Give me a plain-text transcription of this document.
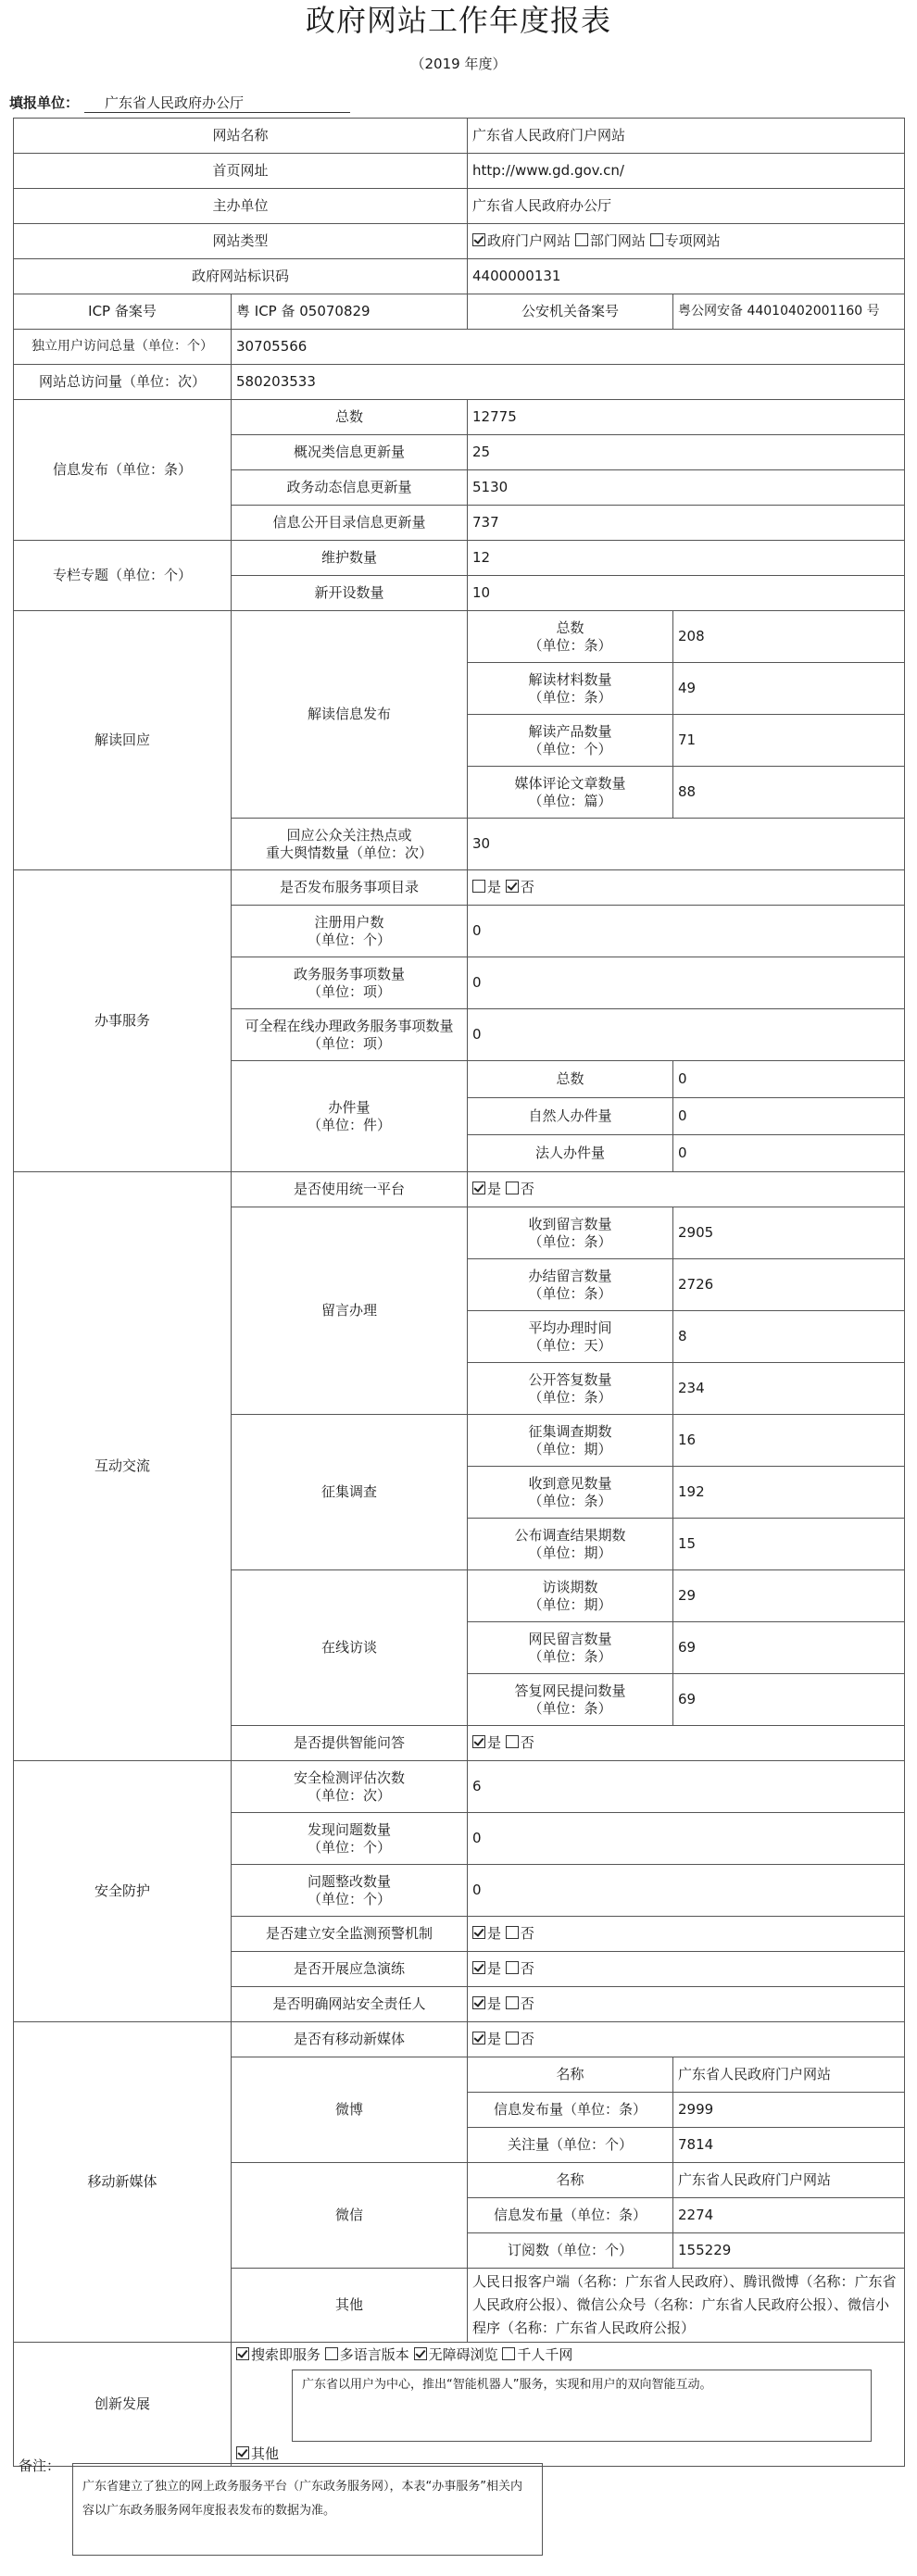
政府网站工作年度报表
（2019 年度）
填报单位： 广东省人民政府办公厅
网站名称		广东省人民政府门户网站	
首页网址		http://www.gd.gov.cn/	
主办单位		广东省人民政府办公厅	
网站类型		政府门户网站 部门网站 专项网站	
政府网站标识码		4400000131	
ICP 备案号	粤 ICP 备 05070829	公安机关备案号	粤公网安备 44010402001160 号
独立用户访问总量（单位：个）	30705566		
网站总访问量（单位：次）	580203533		
信息发布（单位：条）	总数	12775	
	概况类信息更新量	25	
	政务动态信息更新量	5130	
	信息公开目录信息更新量	737	
专栏专题（单位：个）	维护数量	12	
	新开设数量	10	
解读回应	解读信息发布	总数
（单位：条）	208

		解读材料数量
（单位：条）	49

		解读产品数量
（单位：个）	71

		媒体评论文章数量
（单位：篇）	88

	回应公众关注热点或
重大舆情数量（单位：次）	30	
办事服务	是否发布服务事项目录	是 否	

	注册用户数
（单位：个）	0	

	政务服务事项数量
（单位：项）	0	

	可全程在线办理政务服务事项数量
（单位：项）	0	

	办件量
（单位：件）	总数	0
		自然人办件量	0
		法人办件量	0
互动交流	是否使用统一平台	是 否	
	留言办理	收到留言数量
（单位：条）	2905

		办结留言数量
（单位：条）	2726

		平均办理时间
（单位：天）	8

		公开答复数量
（单位：条）	234
	征集调查	征集调查期数
（单位：期）	16

		收到意见数量
（单位：条）	192

		公布调查结果期数
（单位：期）	15
	在线访谈	访谈期数
（单位：期）	29

		网民留言数量
（单位：条）	69

		答复网民提问数量
（单位：条）	69
	是否提供智能问答	是 否	
安全防护	安全检测评估次数
（单位：次）	6	

	发现问题数量
（单位：个）	0	

	问题整改数量
（单位：个）	0	
	是否建立安全监测预警机制	是 否	
	是否开展应急演练	是 否	
	是否明确网站安全责任人	是 否	
移动新媒体	是否有移动新媒体	是 否	
	微博	名称	广东省人民政府门户网站
		信息发布量（单位：条）	2999
		关注量（单位：个）	7814
	微信	名称	广东省人民政府门户网站
		信息发布量（单位：条）	2274
		订阅数（单位：个）	155229
	其他	人民日报客户端（名称：广东省人民政府）、腾讯微博（名称：广东省人民政府公报）、微信公众号（名称：广东省人民政府公报）、微信小程序（名称：广东省人民政府公报）	
创新发展	搜索即服务 多语言版本 无障碍浏览 千人千网
广东省以用户为中心，推出“智能机器人”服务，实现和用户的双向智能互动。
其他		
备注：
广东省建立了独立的网上政务服务平台（广东政务服务网），本表“办事服务”相关内容以广东政务服务网年度报表发布的数据为准。
